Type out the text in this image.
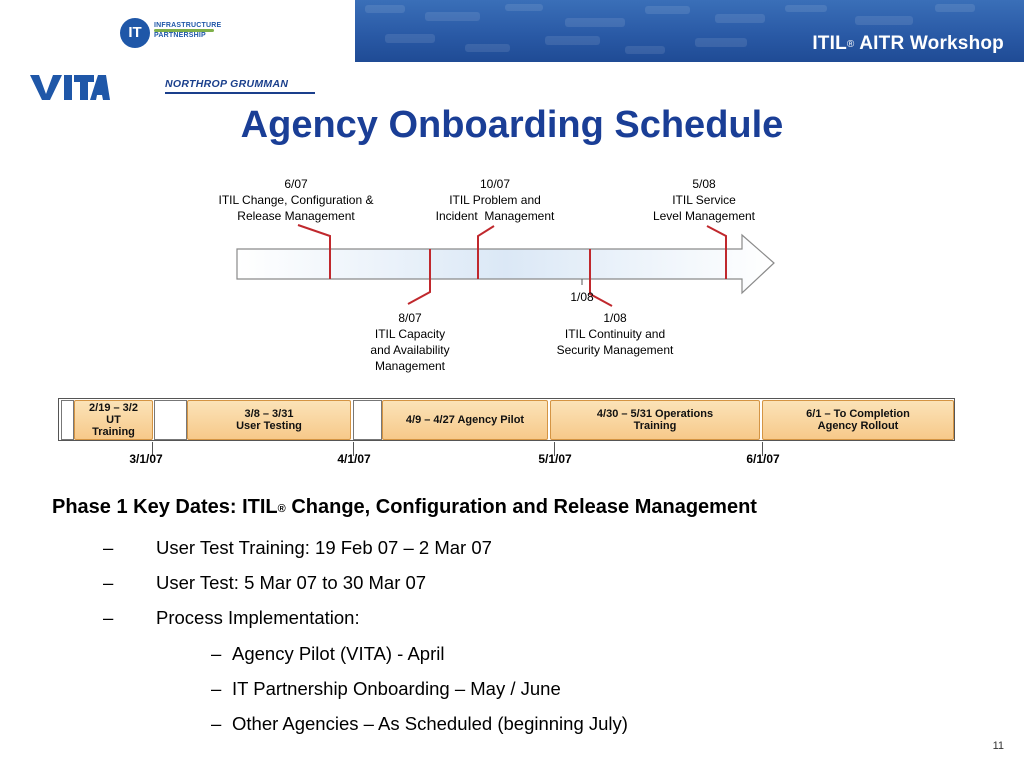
ITIL® AITR Workshop
IT	INFRASTRUCTURE
PARTNERSHIP
NORTHROP GRUMMAN
Agency Onboarding Schedule
6/07
ITIL Change, Configuration &
Release Management
10/07
ITIL Problem and
Incident  Management
5/08
ITIL Service
Level Management
1/08
8/07
ITIL Capacity
and Availability
Management
1/08
ITIL Continuity and
Security Management
2/19 – 3/2
UT
Training
3/8 – 3/31
User Testing	4/9 – 4/27 Agency Pilot	4/30 – 5/31 Operations
Training
6/1 – To Completion
Agency Rollout
3/1/07	4/1/07	5/1/07	6/1/07
Phase 1 Key Dates: ITIL® Change, Configuration and Release Management
– User Test Training: 19 Feb 07 – 2 Mar 07
– User Test: 5 Mar 07 to 30 Mar 07
– Process Implementation:
– Agency Pilot (VITA) - April
– IT Partnership Onboarding – May / June
– Other Agencies – As Scheduled (beginning July)
11
